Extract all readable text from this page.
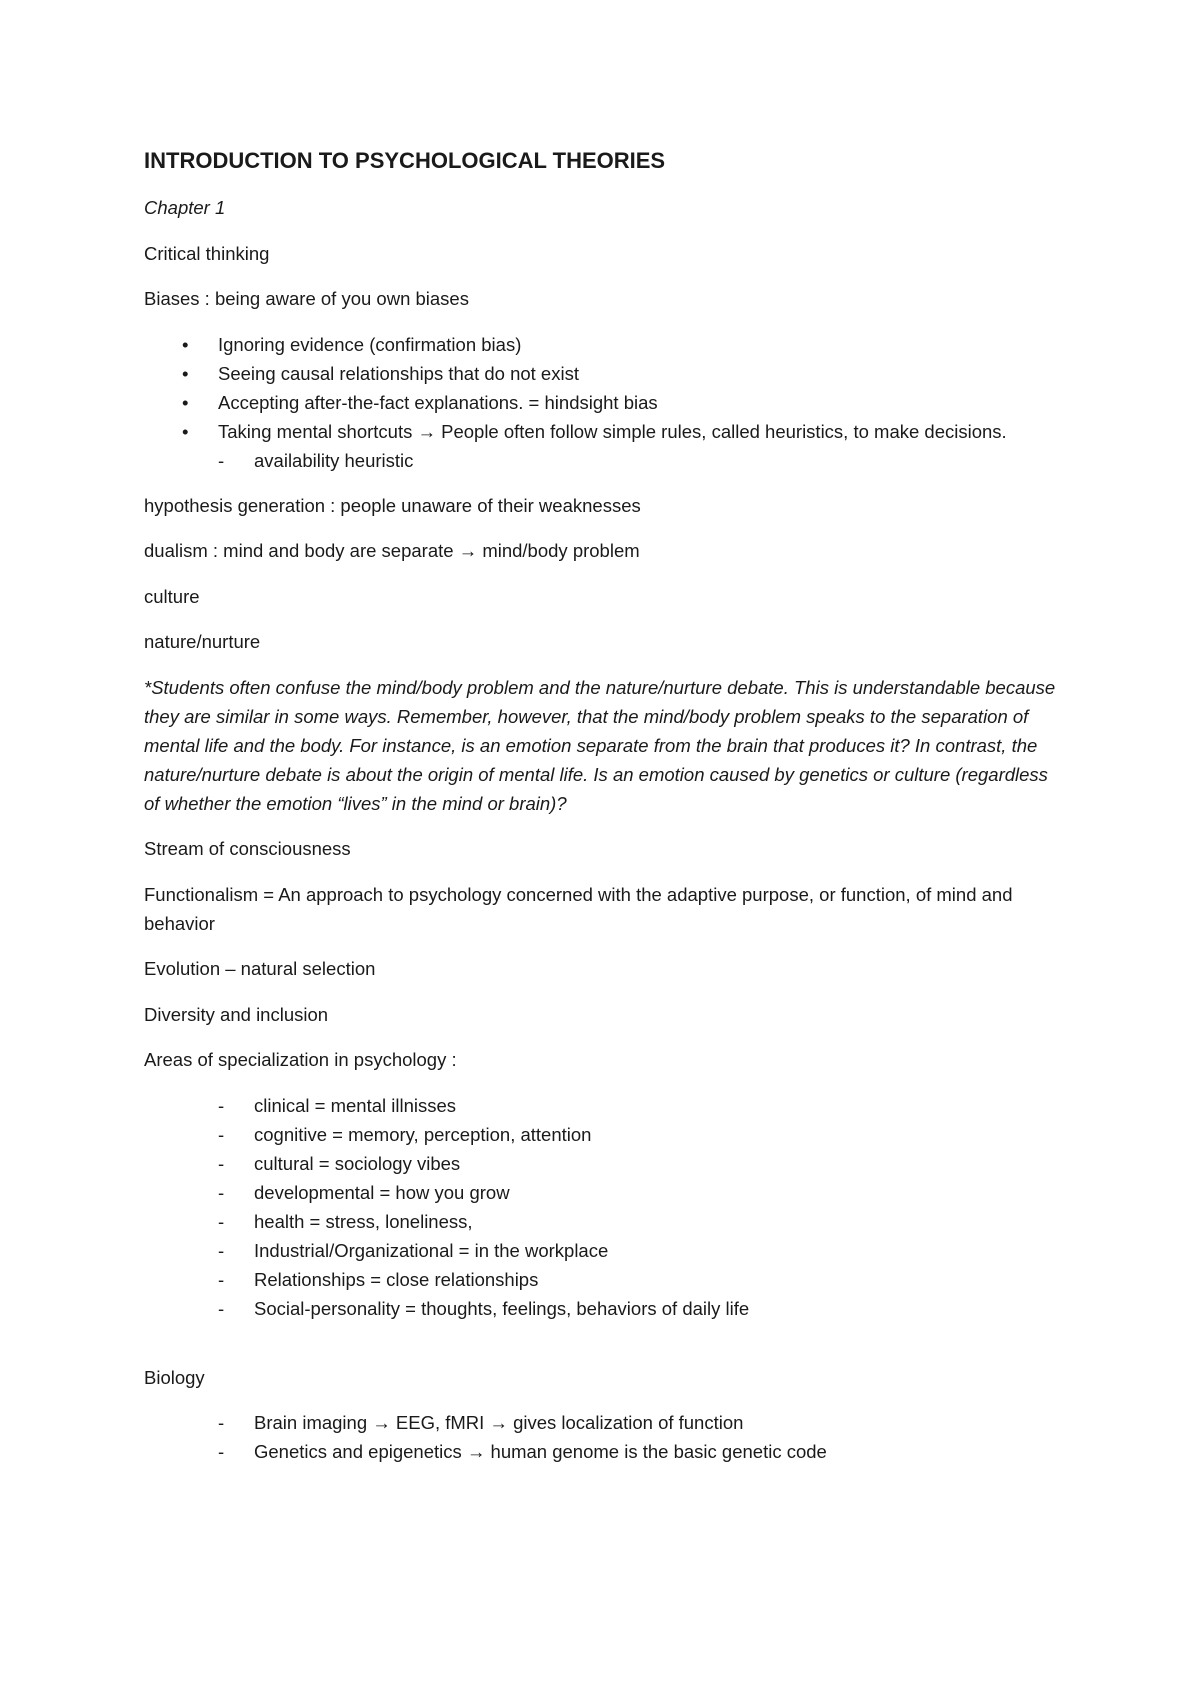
INTRODUCTION TO PSYCHOLOGICAL THEORIES

Chapter 1

Critical thinking

Biases : being aware of you own biases

• Ignoring evidence (confirmation bias)
• Seeing causal relationships that do not exist
• Accepting after-the-fact explanations. = hindsight bias
• Taking mental shortcuts → People often follow simple rules, called heuristics, to make decisions.
- availability heuristic

hypothesis generation : people unaware of their weaknesses

dualism : mind and body are separate → mind/body problem

culture

nature/nurture

*Students often confuse the mind/body problem and the nature/nurture debate. This is understandable because they are similar in some ways. Remember, however, that the mind/body problem speaks to the separation of mental life and the body. For instance, is an emotion separate from the brain that produces it? In contrast, the nature/nurture debate is about the origin of mental life. Is an emotion caused by genetics or culture (regardless of whether the emotion “lives” in the mind or brain)?

Stream of consciousness

Functionalism = An approach to psychology concerned with the adaptive purpose, or function, of mind and behavior

Evolution – natural selection

Diversity and inclusion

Areas of specialization in psychology :

- clinical = mental illnisses
- cognitive = memory, perception, attention
- cultural = sociology vibes
- developmental = how you grow
- health = stress, loneliness,
- Industrial/Organizational = in the workplace
- Relationships = close relationships
- Social-personality = thoughts, feelings, behaviors of daily life

Biology

- Brain imaging → EEG, fMRI → gives localization of function
- Genetics and epigenetics → human genome is the basic genetic code
